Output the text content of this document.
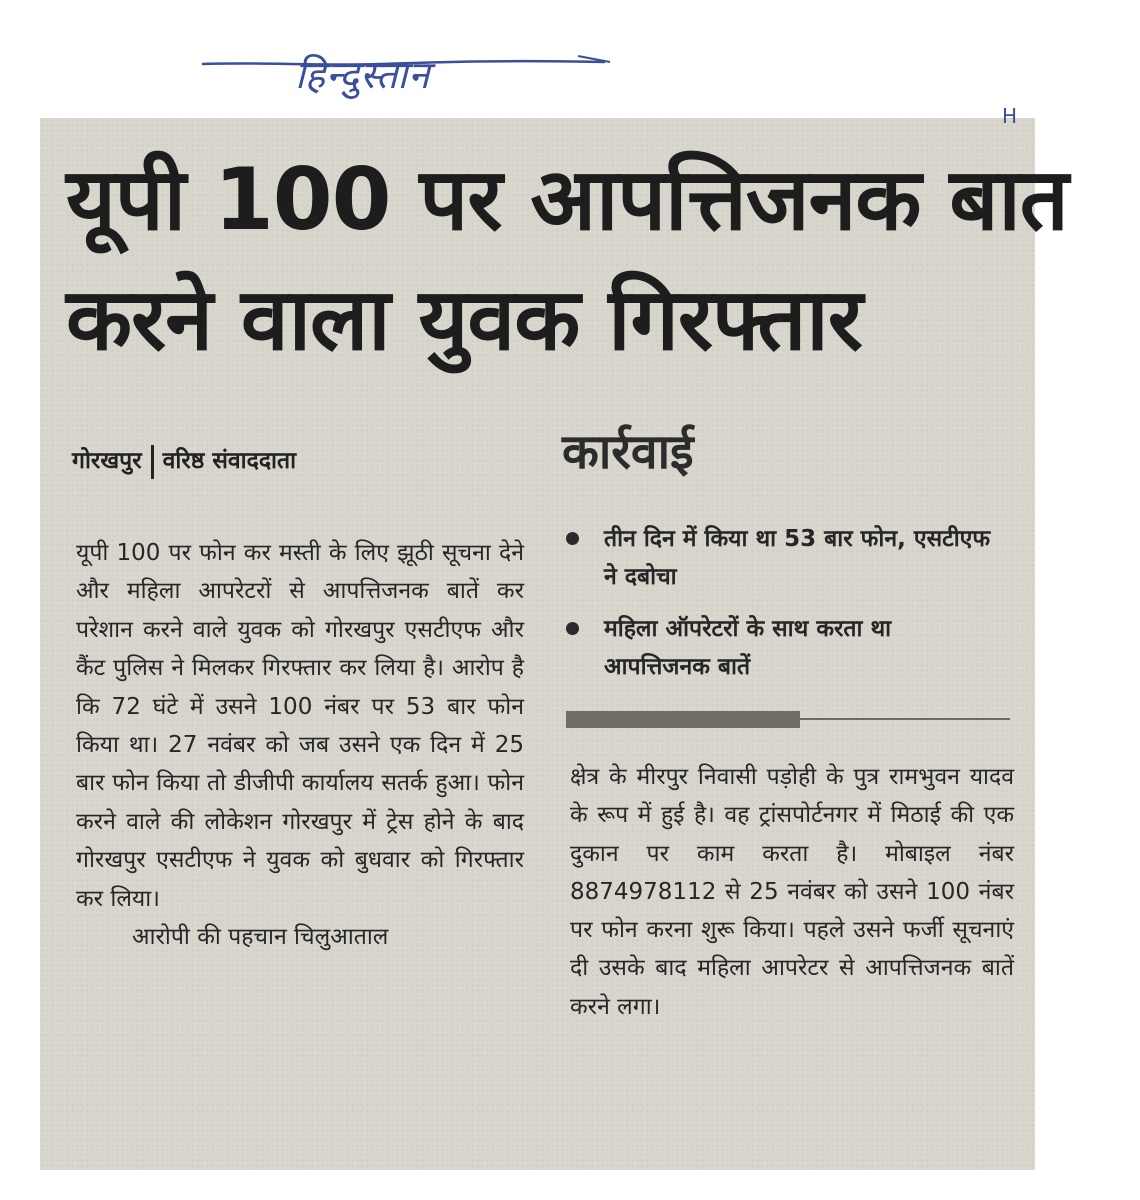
हिन्दुस्तान
H
यूपी 100 पर आपत्तिजनक बात
करने वाला युवक गिरफ्तार
गोरखपुर वरिष्ठ संवाददाता

यूपी 100 पर फोन कर मस्ती के लिए झूठी सूचना देने और महिला आपरेटरों से आपत्तिजनक बातें कर परेशान करने वाले युवक को गोरखपुर एसटीएफ और कैंट पुलिस ने मिलकर गिरफ्तार कर लिया है। आरोप है कि 72 घंटे में उसने 100 नंबर पर 53 बार फोन किया था। 27 नवंबर को जब उसने एक दिन में 25 बार फोन किया तो डीजीपी कार्यालय सतर्क हुआ। फोन करने वाले की लोकेशन गोरखपुर में ट्रेस होने के बाद गोरखपुर एसटीएफ ने युवक को बुधवार को गिरफ्तार कर लिया।
आरोपी की पहचान चिलुआताल

कार्रवाई
तीन दिन में किया था 53 बार फोन, एसटीएफ ने दबोचा
महिला ऑपरेटरों के साथ करता था आपत्तिजनक बातें

क्षेत्र के मीरपुर निवासी पड़ोही के पुत्र रामभुवन यादव के रूप में हुई है। वह ट्रांसपोर्टनगर में मिठाई की एक दुकान पर काम करता है। मोबाइल नंबर 8874978112 से 25 नवंबर को उसने 100 नंबर पर फोन करना शुरू किया। पहले उसने फर्जी सूचनाएं दी उसके बाद महिला आपरेटर से आपत्तिजनक बातें करने लगा।
